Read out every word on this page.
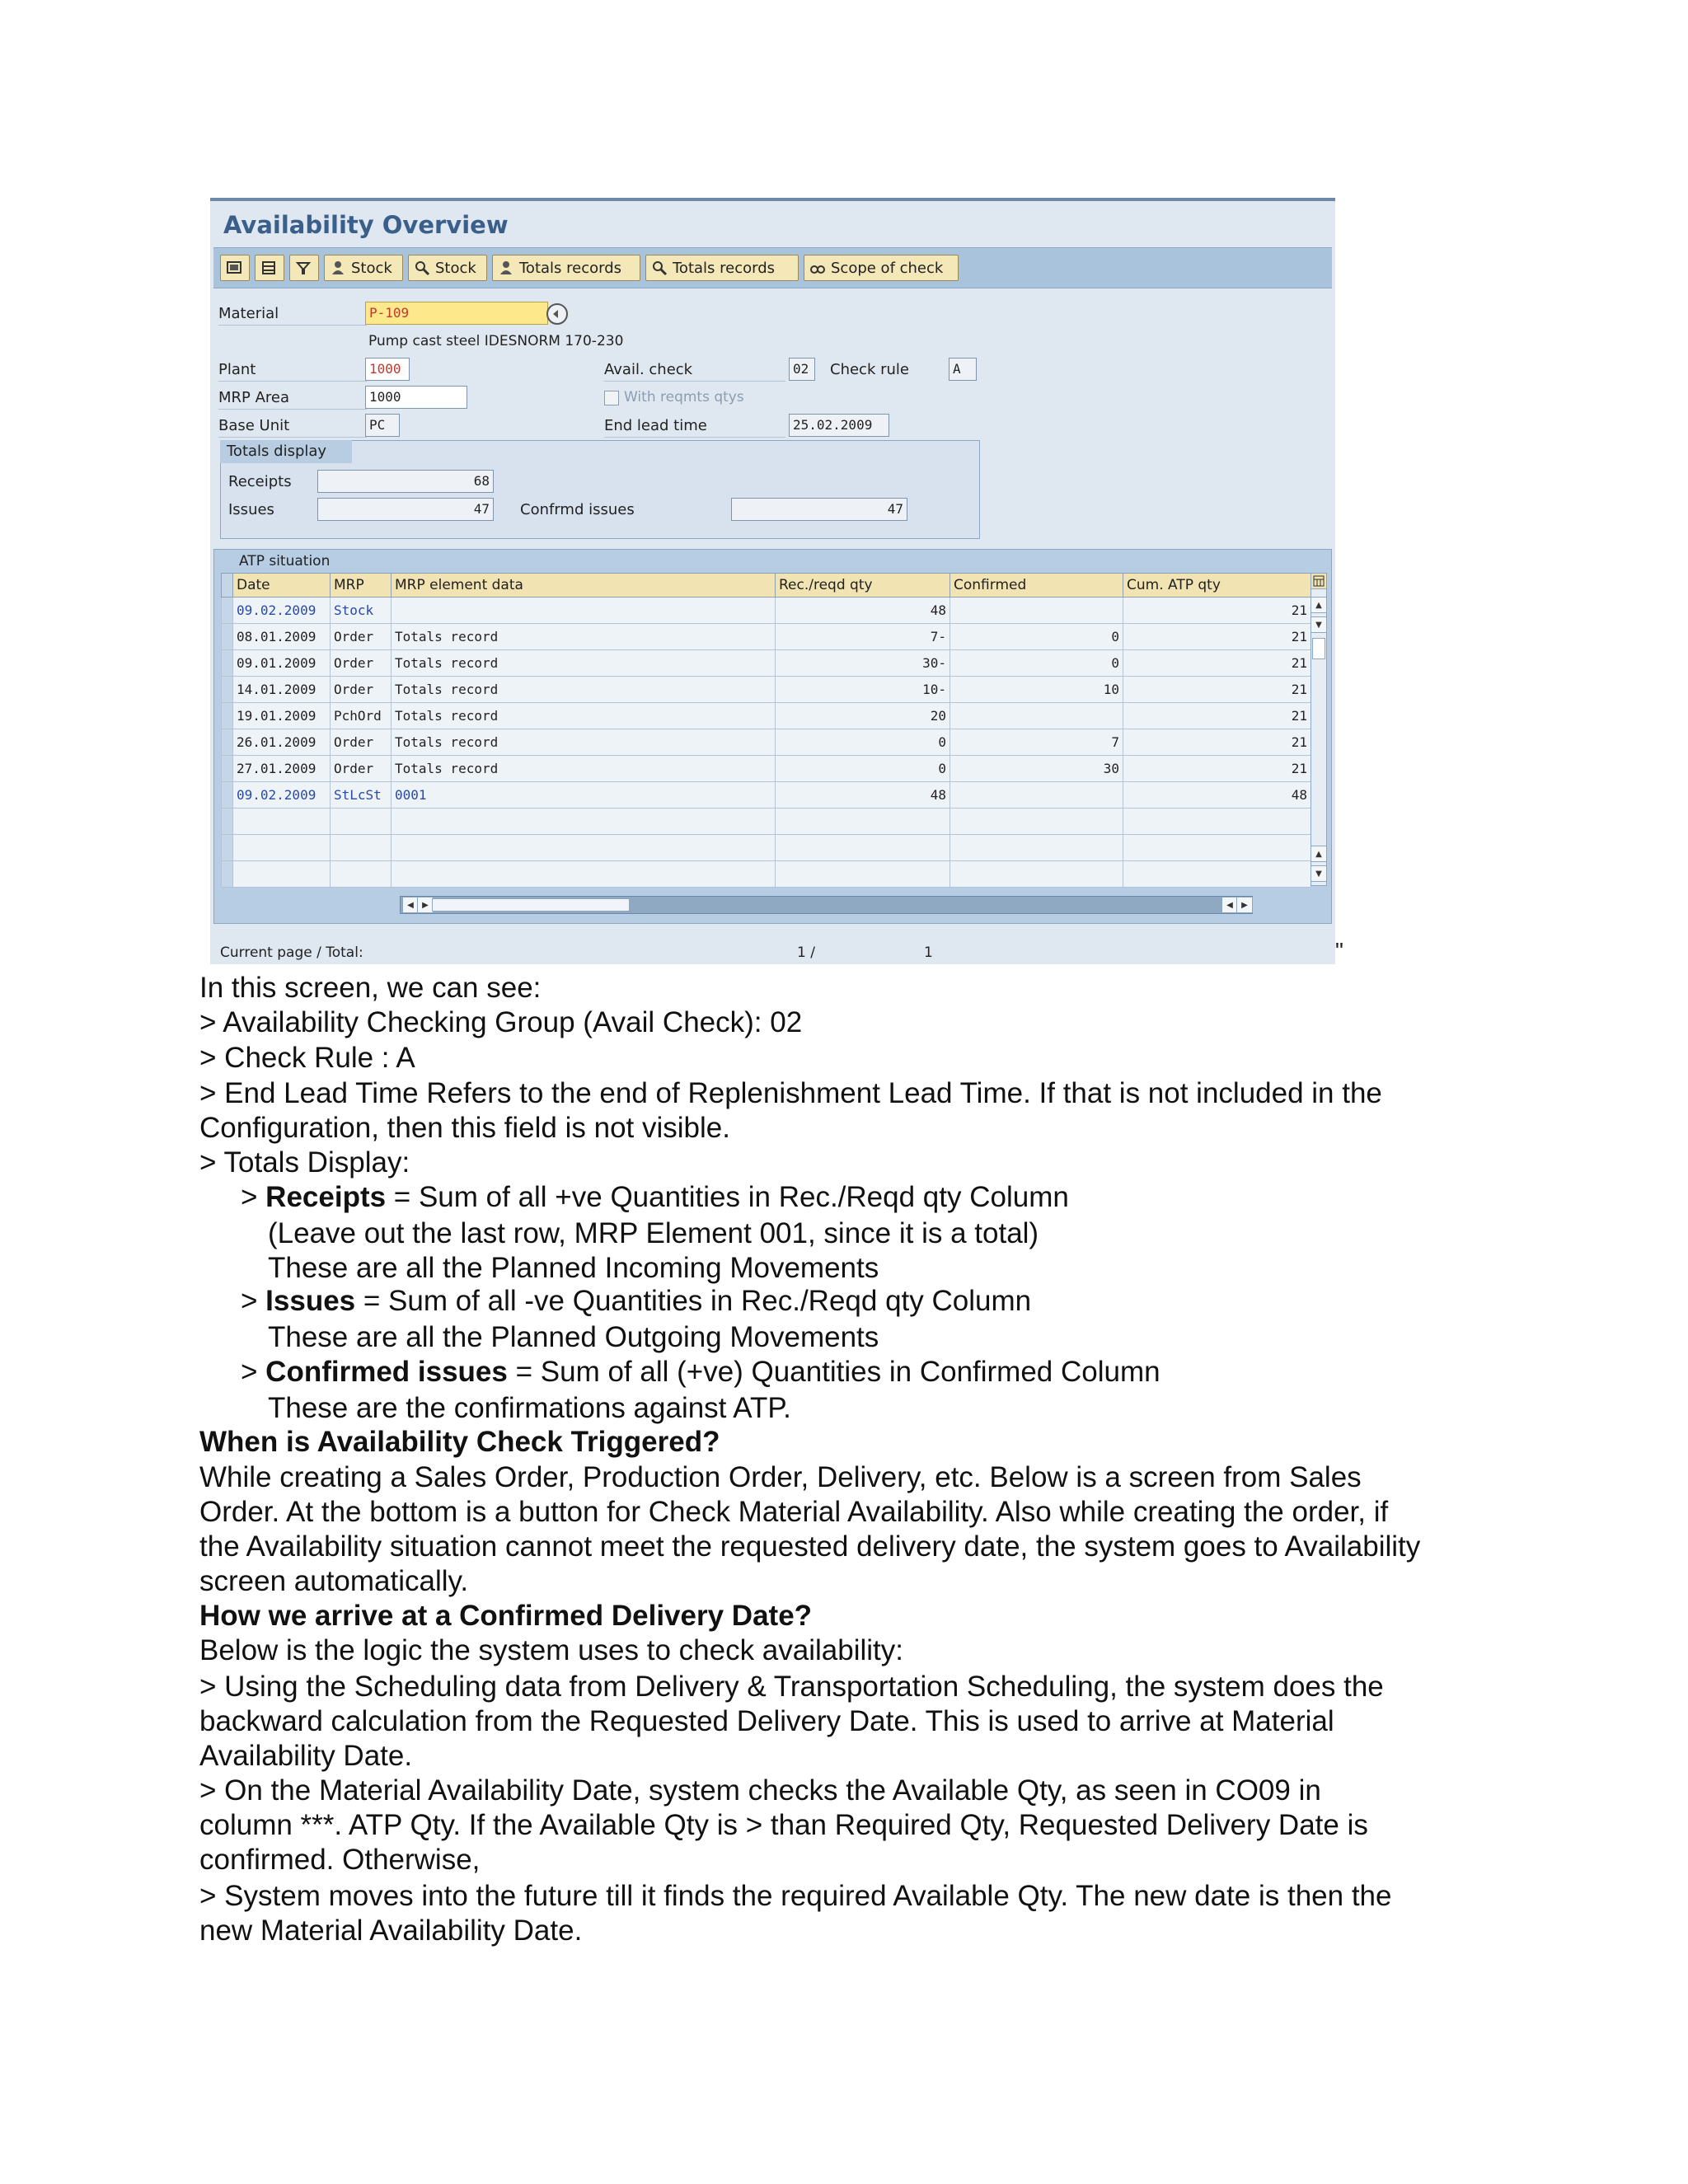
Availability Overview
Stock	Stock	Totals records	Totals records	Scope of check
Material	P-109
Pump cast steel IDESNORM 170-230
Plant	1000
MRP Area	1000
Base Unit	PC
Avail. check	02	Check rule	A
With reqmts qtys
End lead time	25.02.2009
Totals display
Receipts	68
Issues	47 Confrmd issues	47
ATP situation
	Date	MRP	MRP element data	Rec./reqd qty	Confirmed	Cum. ATP qty
	09.02.2009	Stock		48		21
	08.01.2009	Order	Totals record	7-	0	21
	09.01.2009	Order	Totals record	30-	0	21
	14.01.2009	Order	Totals record	10-	10	21
	19.01.2009	PchOrd	Totals record	20		21
	26.01.2009	Order	Totals record	0	7	21
	27.01.2009	Order	Totals record	0	30	21
	09.02.2009	StLcSt	0001	48		48

▲
▼
▲
▼
◀	▶	◀	▶
Current page / Total:	1 /	1	"
In this screen, we can see:
> Availability Checking Group (Avail Check): 02
> Check Rule : A
> End Lead Time Refers to the end of Replenishment Lead Time. If that is not included in the
Configuration, then this field is not visible.
> Totals Display:
> Receipts = Sum of all +ve Quantities in Rec./Reqd qty Column
(Leave out the last row, MRP Element 001, since it is a total)
These are all the Planned Incoming Movements
> Issues = Sum of all -ve Quantities in Rec./Reqd qty Column
These are all the Planned Outgoing Movements
> Confirmed issues = Sum of all (+ve) Quantities in Confirmed Column
These are the confirmations against ATP.
When is Availability Check Triggered?
While creating a Sales Order, Production Order, Delivery, etc. Below is a screen from Sales
Order. At the bottom is a button for Check Material Availability. Also while creating the order, if
the Availability situation cannot meet the requested delivery date, the system goes to Availability
screen automatically.
How we arrive at a Confirmed Delivery Date?
Below is the logic the system uses to check availability:
> Using the Scheduling data from Delivery & Transportation Scheduling, the system does the
backward calculation from the Requested Delivery Date. This is used to arrive at Material
Availability Date.
> On the Material Availability Date, system checks the Available Qty, as seen in CO09 in
column ***. ATP Qty. If the Available Qty is > than Required Qty, Requested Delivery Date is
confirmed. Otherwise,
> System moves into the future till it finds the required Available Qty. The new date is then the
new Material Availability Date.
